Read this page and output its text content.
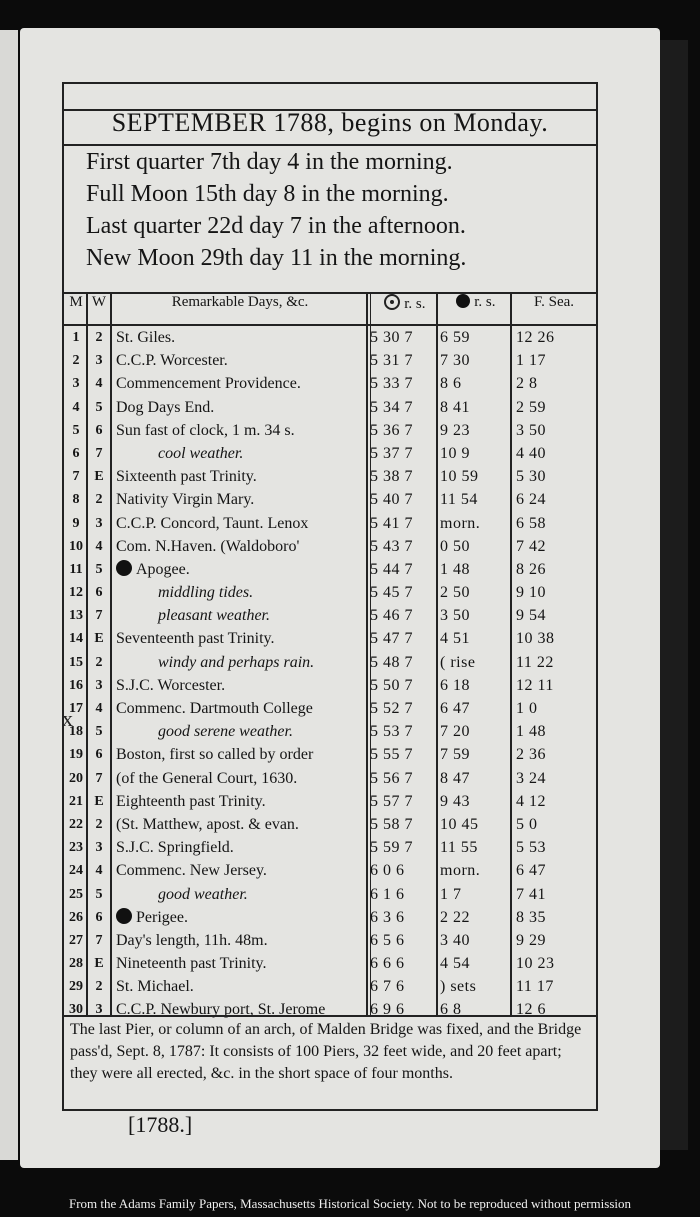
SEPTEMBER 1788, begins on Monday.
First quarter 7th day 4 in the morning.
Full Moon 15th day 8 in the morning.
Last quarter 22d day 7 in the afternoon.
New Moon 29th day 11 in the morning.
M W	Remarkable Days, &c.	r. s.	r. s.	F. Sea.
1	2 St. Giles.	5 30 7	6 59	12 26
2	3 C.C.P. Worcester.	5 31 7	7 30	1 17
3	4 Commencement Providence.	5 33 7	8 6	2 8
4	5 Dog Days End.	5 34 7	8 41	2 59
5	6 Sun fast of clock, 1 m. 34 s.	5 36 7	9 23	3 50
6	7	cool weather.	5 37 7	10 9	4 40
7	E Sixteenth past Trinity.	5 38 7	10 59	5 30
8	2 Nativity Virgin Mary.	5 40 7	11 54	6 24
9	3 C.C.P. Concord, Taunt. Lenox	5 41 7	morn.	6 58
10 4 Com. N.Haven. (Waldoboro'	5 43 7	0 50	7 42
11 5	Apogee.	5 44 7	1 48	8 26
12 6	middling tides.	5 45 7	2 50	9 10
13 7	pleasant weather.	5 46 7	3 50	9 54
14 E Seventeenth past Trinity.	5 47 7	4 51	10 38
15 2	windy and perhaps rain.	5 48 7	( rise	11 22
16 3 S.J.C. Worcester.	5 50 7	6 18	12 11
17 4 Commenc. Dartmouth College	5 52 7	6 47	1 0
18 5	good serene weather.	5 53 7	7 20	1 48
19 6 Boston, first so called by order	5 55 7	7 59	2 36
20 7 (of the General Court, 1630.	5 56 7	8 47	3 24
21 E Eighteenth past Trinity.	5 57 7	9 43	4 12
22 2 (St. Matthew, apost. & evan.	5 58 7	10 45	5 0
23 3 S.J.C. Springfield.	5 59 7	11 55	5 53
24 4 Commenc. New Jersey.	6 0 6	morn.	6 47
25 5	good weather.	6 1 6	1 7	7 41
26 6	Perigee.	6 3 6	2 22	8 35
27 7 Day's length, 11h. 48m.	6 5 6	3 40	9 29
28 E Nineteenth past Trinity.	6 6 6	4 54	10 23
29 2 St. Michael.	6 7 6	) sets	11 17
30 3 C.C.P. Newbury port, St. Jerome	6 9 6	6 8	12 6
The last Pier, or column of an arch, of Malden Bridge was fixed, and the Bridge pass'd, Sept. 8, 1787: It consists of 100 Piers, 32 feet wide, and 20 feet apart; they were all erected, &c. in the short space of four months.
x
[1788.]
From the Adams Family Papers, Massachusetts Historical Society. Not to be reproduced without permission
